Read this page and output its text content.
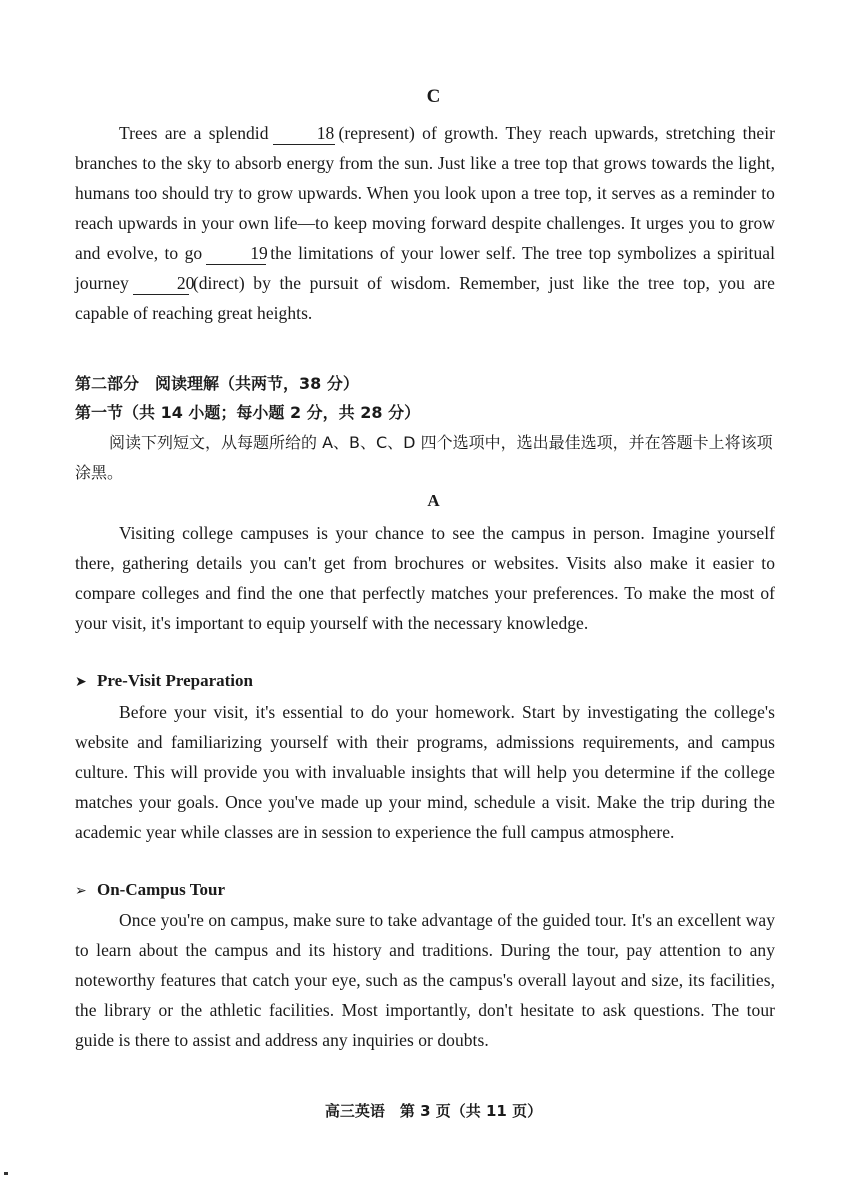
C

Trees are a splendid	18 (represent) of growth. They reach upwards, stretching their branches to the sky to absorb energy from the sun. Just like a tree top that grows towards the light, humans too should try to grow upwards. When you look upon a tree top, it serves as a reminder to reach upwards in your own life—to keep moving forward despite challenges. It urges you to grow and evolve, to go	19 the limitations of your lower self. The tree top symbolizes a spiritual journey	20(direct) by the pursuit of wisdom. Remember, just like the tree top, you are capable of reaching great heights.

第二部分　阅读理解（共两节，38 分）
第一节（共 14 小题；每小题 2 分，共 28 分）

阅读下列短文，从每题所给的 A、B、C、D 四个选项中，选出最佳选项，并在答题卡上将该项涂黑。

A

Visiting college campuses is your chance to see the campus in person. Imagine yourself there, gathering details you can't get from brochures or websites. Visits also make it easier to compare colleges and find the one that perfectly matches your preferences. To make the most of your visit, it's important to equip yourself with the necessary knowledge.

➤ Pre-Visit Preparation

Before your visit, it's essential to do your homework. Start by investigating the college's website and familiarizing yourself with their programs, admissions requirements, and campus culture. This will provide you with invaluable insights that will help you determine if the college matches your goals. Once you've made up your mind, schedule a visit. Make the trip during the academic year while classes are in session to experience the full campus atmosphere.

➢ On-Campus Tour

Once you're on campus, make sure to take advantage of the guided tour. It's an excellent way to learn about the campus and its history and traditions. During the tour, pay attention to any noteworthy features that catch your eye, such as the campus's overall layout and size, its facilities, the library or the athletic facilities. Most importantly, don't hesitate to ask questions. The tour guide is there to assist and address any inquiries or doubts.

高三英语　第 3 页（共 11 页）
